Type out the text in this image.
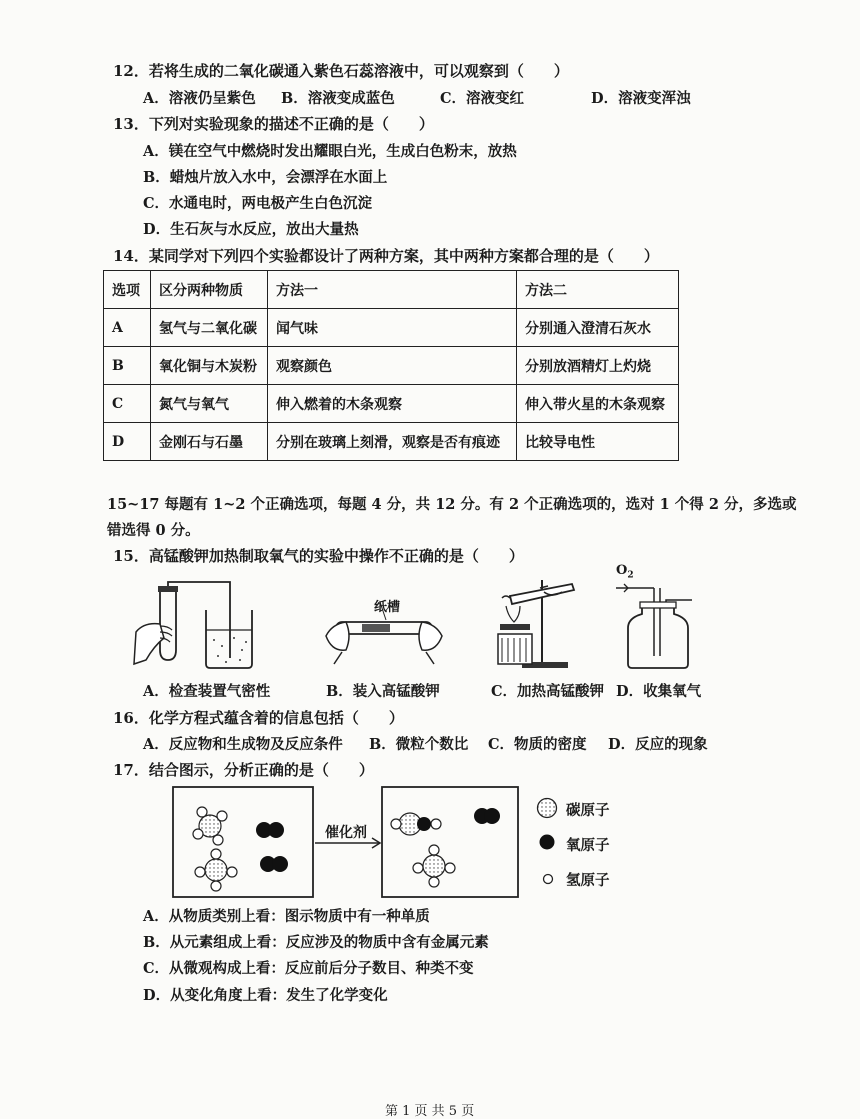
12．若将生成的二氧化碳通入紫色石蕊溶液中，可以观察到（　　）
A．溶液仍呈紫色 B．溶液变成蓝色	C．溶液变红	D．溶液变浑浊
13．下列对实验现象的描述不正确的是（　　）
A．镁在空气中燃烧时发出耀眼白光，生成白色粉末，放热
B．蜡烛片放入水中，会漂浮在水面上
C．水通电时，两电极产生白色沉淀
D．生石灰与水反应，放出大量热
14．某同学对下列四个实验都设计了两种方案，其中两种方案都合理的是（　　）
选项	区分两种物质	方法一	方法二
A	氢气与二氧化碳	闻气味	分别通入澄清石灰水
B	氧化铜与木炭粉	观察颜色	分别放酒精灯上灼烧
C	氮气与氧气	伸入燃着的木条观察	伸入带火星的木条观察
D	金刚石与石墨	分别在玻璃上刻滑，观察是否有痕迹	比较导电性
15~17 每题有 1~2 个正确选项，每题 4 分，共 12 分。有 2 个正确选项的，选对 1 个得 2 分，多选或
错选得 0 分。
15．高锰酸钾加热制取氧气的实验中操作不正确的是（　　）
纸槽
$O_2$
A．检查装置气密性	B．装入高锰酸钾	C．加热高锰酸钾 D．收集氧气
16．化学方程式蕴含着的信息包括（　　）
A．反应物和生成物及反应条件 B．微粒个数比 C．物质的密度 D．反应的现象
17．结合图示，分析正确的是（　　）
催化剂
碳原子
氧原子
氢原子
A．从物质类别上看：图示物质中有一种单质
B．从元素组成上看：反应涉及的物质中含有金属元素
C．从微观构成上看：反应前后分子数目、种类不变
D．从变化角度上看：发生了化学变化
第 1 页 共 5 页
